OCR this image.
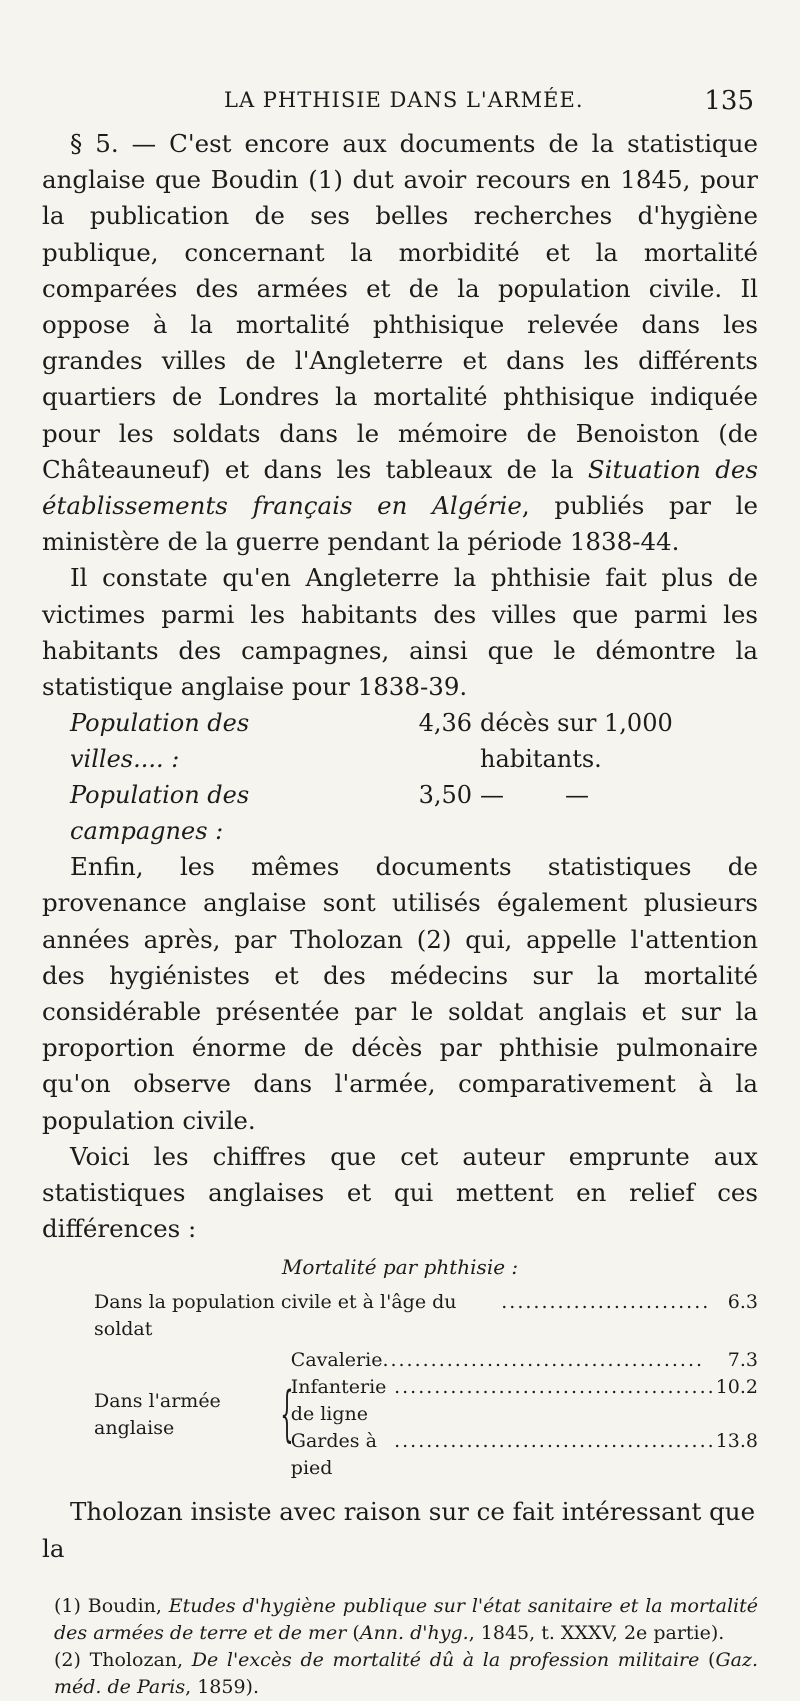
LA PHTHISIE DANS L'ARMÉE.	135

§ 5. — C'est encore aux documents de la statistique anglaise que Boudin (1) dut avoir recours en 1845, pour la publication de ses belles recherches d'hygiène publique, concernant la morbidité et la mortalité comparées des armées et de la population civile. Il oppose à la mortalité phthisique relevée dans les grandes villes de l'Angleterre et dans les différents quartiers de Londres la mortalité phthisique indiquée pour les soldats dans le mémoire de Benoiston (de Châteauneuf) et dans les tableaux de la Situation des établissements français en Algérie, publiés par le ministère de la guerre pendant la période 1838-44.

Il constate qu'en Angleterre la phthisie fait plus de victimes parmi les habitants des villes que parmi les habitants des campagnes, ainsi que le démontre la statistique anglaise pour 1838-39.

Population des villes.... :
4,36 décès sur 1,000 habitants.
Population des campagnes :
3,50 —        —

Enfin, les mêmes documents statistiques de provenance anglaise sont utilisés également plusieurs années après, par Tholozan (2) qui, appelle l'attention des hygiénistes et des médecins sur la mortalité considérable présentée par le soldat anglais et sur la proportion énorme de décès par phthisie pulmonaire qu'on observe dans l'armée, comparativement à la population civile.

Voici les chiffres que cet auteur emprunte aux statistiques anglaises et qui mettent en relief ces différences :

Mortalité par phthisie :
Dans la population civile et à l'âge du soldat
.......................... 6.3
Dans l'armée anglaise	{
Cavalerie ........................................	7.3
Infanterie de ligne
........................................ 10.2
Gardes à pied
........................................ 13.8

Tholozan insiste avec raison sur ce fait intéressant que la

(1) Boudin, Etudes d'hygiène publique sur l'état sanitaire et la mortalité des armées de terre et de mer (Ann. d'hyg., 1845, t. XXXV, 2e partie).

(2) Tholozan, De l'excès de mortalité dû à la profession militaire (Gaz. méd. de Paris, 1859).
